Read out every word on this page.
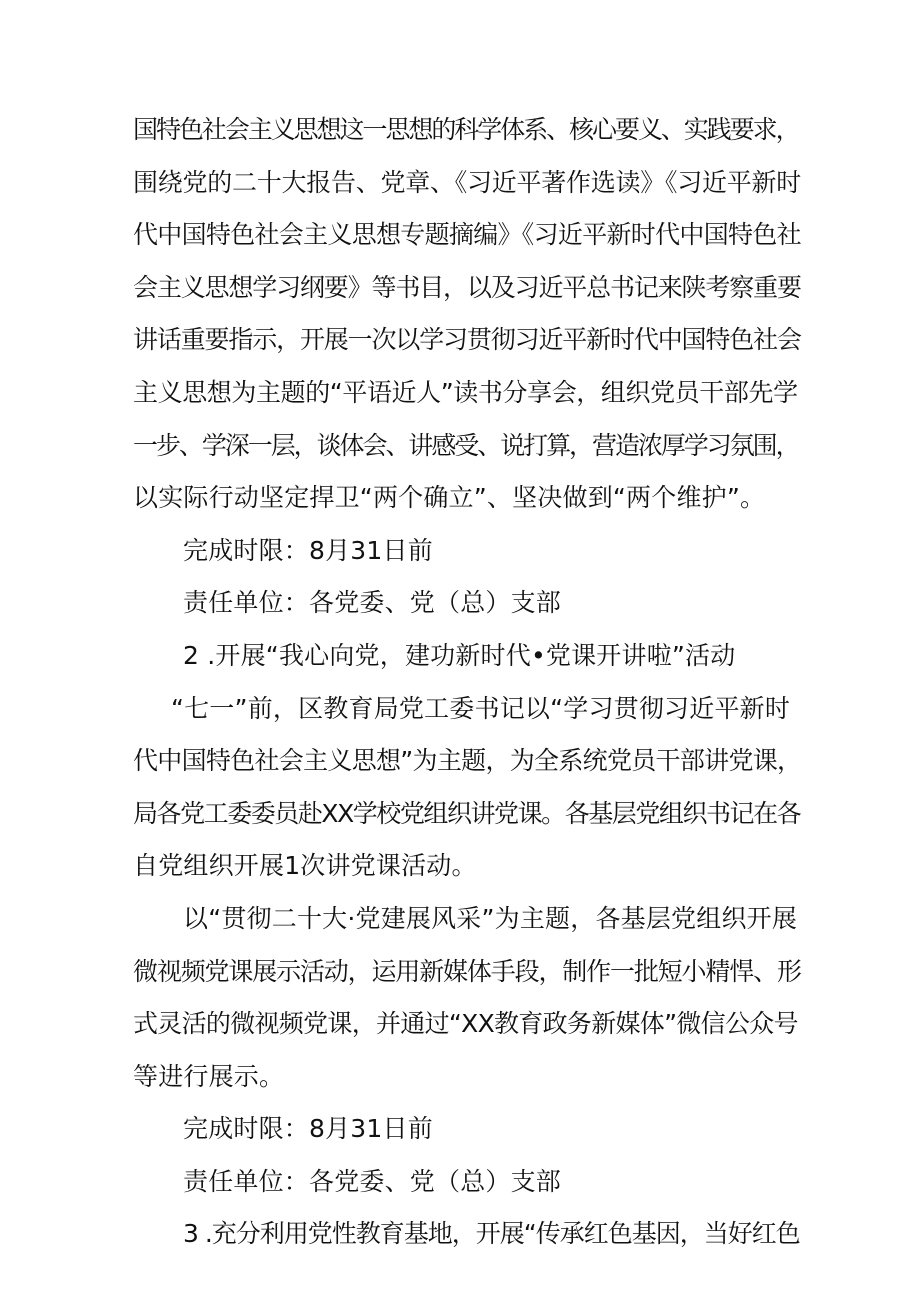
国特色社会主义思想这一思想的科学体系、核心要义、实践要求，
围绕党的二十大报告、党章、《习近平著作选读》《习近平新时
代中国特色社会主义思想专题摘编》《习近平新时代中国特色社
会主义思想学习纲要》等书目，以及习近平总书记来陕考察重要
讲话重要指示，开展一次以学习贯彻习近平新时代中国特色社会
主义思想为主题的“平语近人”读书分享会，组织党员干部先学
一步、学深一层，谈体会、讲感受、说打算，营造浓厚学习氛围，
以实际行动坚定捍卫“两个确立”、坚决做到“两个维护”。

完成时限：8月31日前

责任单位：各党委、党（总）支部

2 .开展“我心向党，建功新时代•党课开讲啦”活动

“七一”前，区教育局党工委书记以“学习贯彻习近平新时
代中国特色社会主义思想”为主题，为全系统党员干部讲党课，
局各党工委委员赴XX学校党组织讲党课。各基层党组织书记在各
自党组织开展1次讲党课活动。

以“贯彻二十大·党建展风采”为主题，各基层党组织开展
微视频党课展示活动，运用新媒体手段，制作一批短小精悍、形
式灵活的微视频党课，并通过“XX教育政务新媒体”微信公众号
等进行展示。

完成时限：8月31日前

责任单位：各党委、党（总）支部

3 .充分利用党性教育基地，开展“传承红色基因，当好红色
